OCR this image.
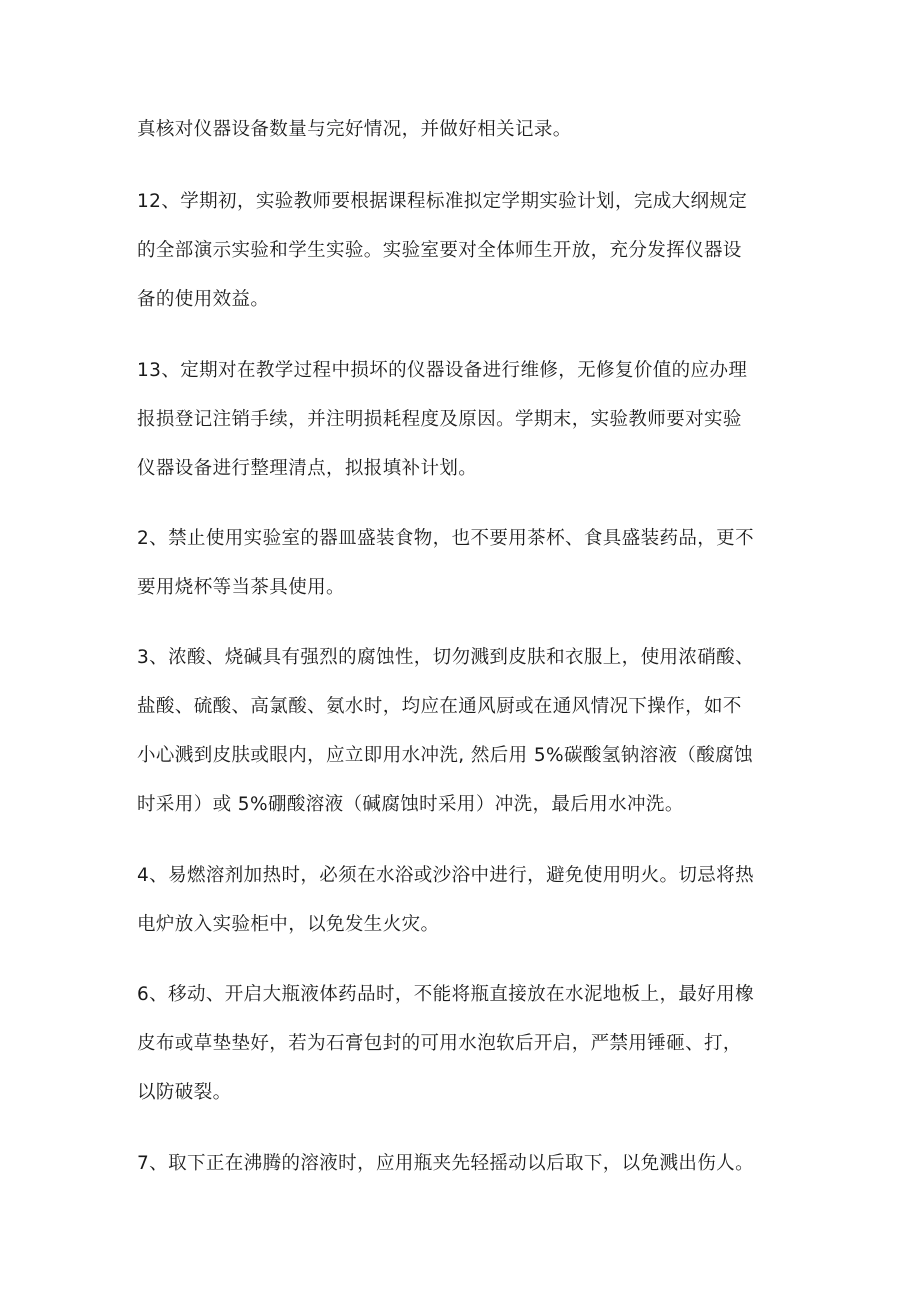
真核对仪器设备数量与完好情况，并做好相关记录。
12、学期初，实验教师要根据课程标准拟定学期实验计划，完成大纲规定
的全部演示实验和学生实验。实验室要对全体师生开放，充分发挥仪器设
备的使用效益。
13、定期对在教学过程中损坏的仪器设备进行维修，无修复价值的应办理
报损登记注销手续，并注明损耗程度及原因。学期末，实验教师要对实验
仪器设备进行整理清点，拟报填补计划。
2、禁止使用实验室的器皿盛装食物，也不要用茶杯、食具盛装药品，更不
要用烧杯等当茶具使用。
3、浓酸、烧碱具有强烈的腐蚀性，切勿溅到皮肤和衣服上，使用浓硝酸、
盐酸、硫酸、高氯酸、氨水时，均应在通风厨或在通风情况下操作，如不
小心溅到皮肤或眼内，应立即用水冲洗, 然后用 5%碳酸氢钠溶液（酸腐蚀
时采用）或 5%硼酸溶液（碱腐蚀时采用）冲洗，最后用水冲洗。
4、易燃溶剂加热时，必须在水浴或沙浴中进行，避免使用明火。切忌将热
电炉放入实验柜中，以免发生火灾。
6、移动、开启大瓶液体药品时，不能将瓶直接放在水泥地板上，最好用橡
皮布或草垫垫好，若为石膏包封的可用水泡软后开启，严禁用锤砸、打，
以防破裂。
7、取下正在沸腾的溶液时，应用瓶夹先轻摇动以后取下，以免溅出伤人。
